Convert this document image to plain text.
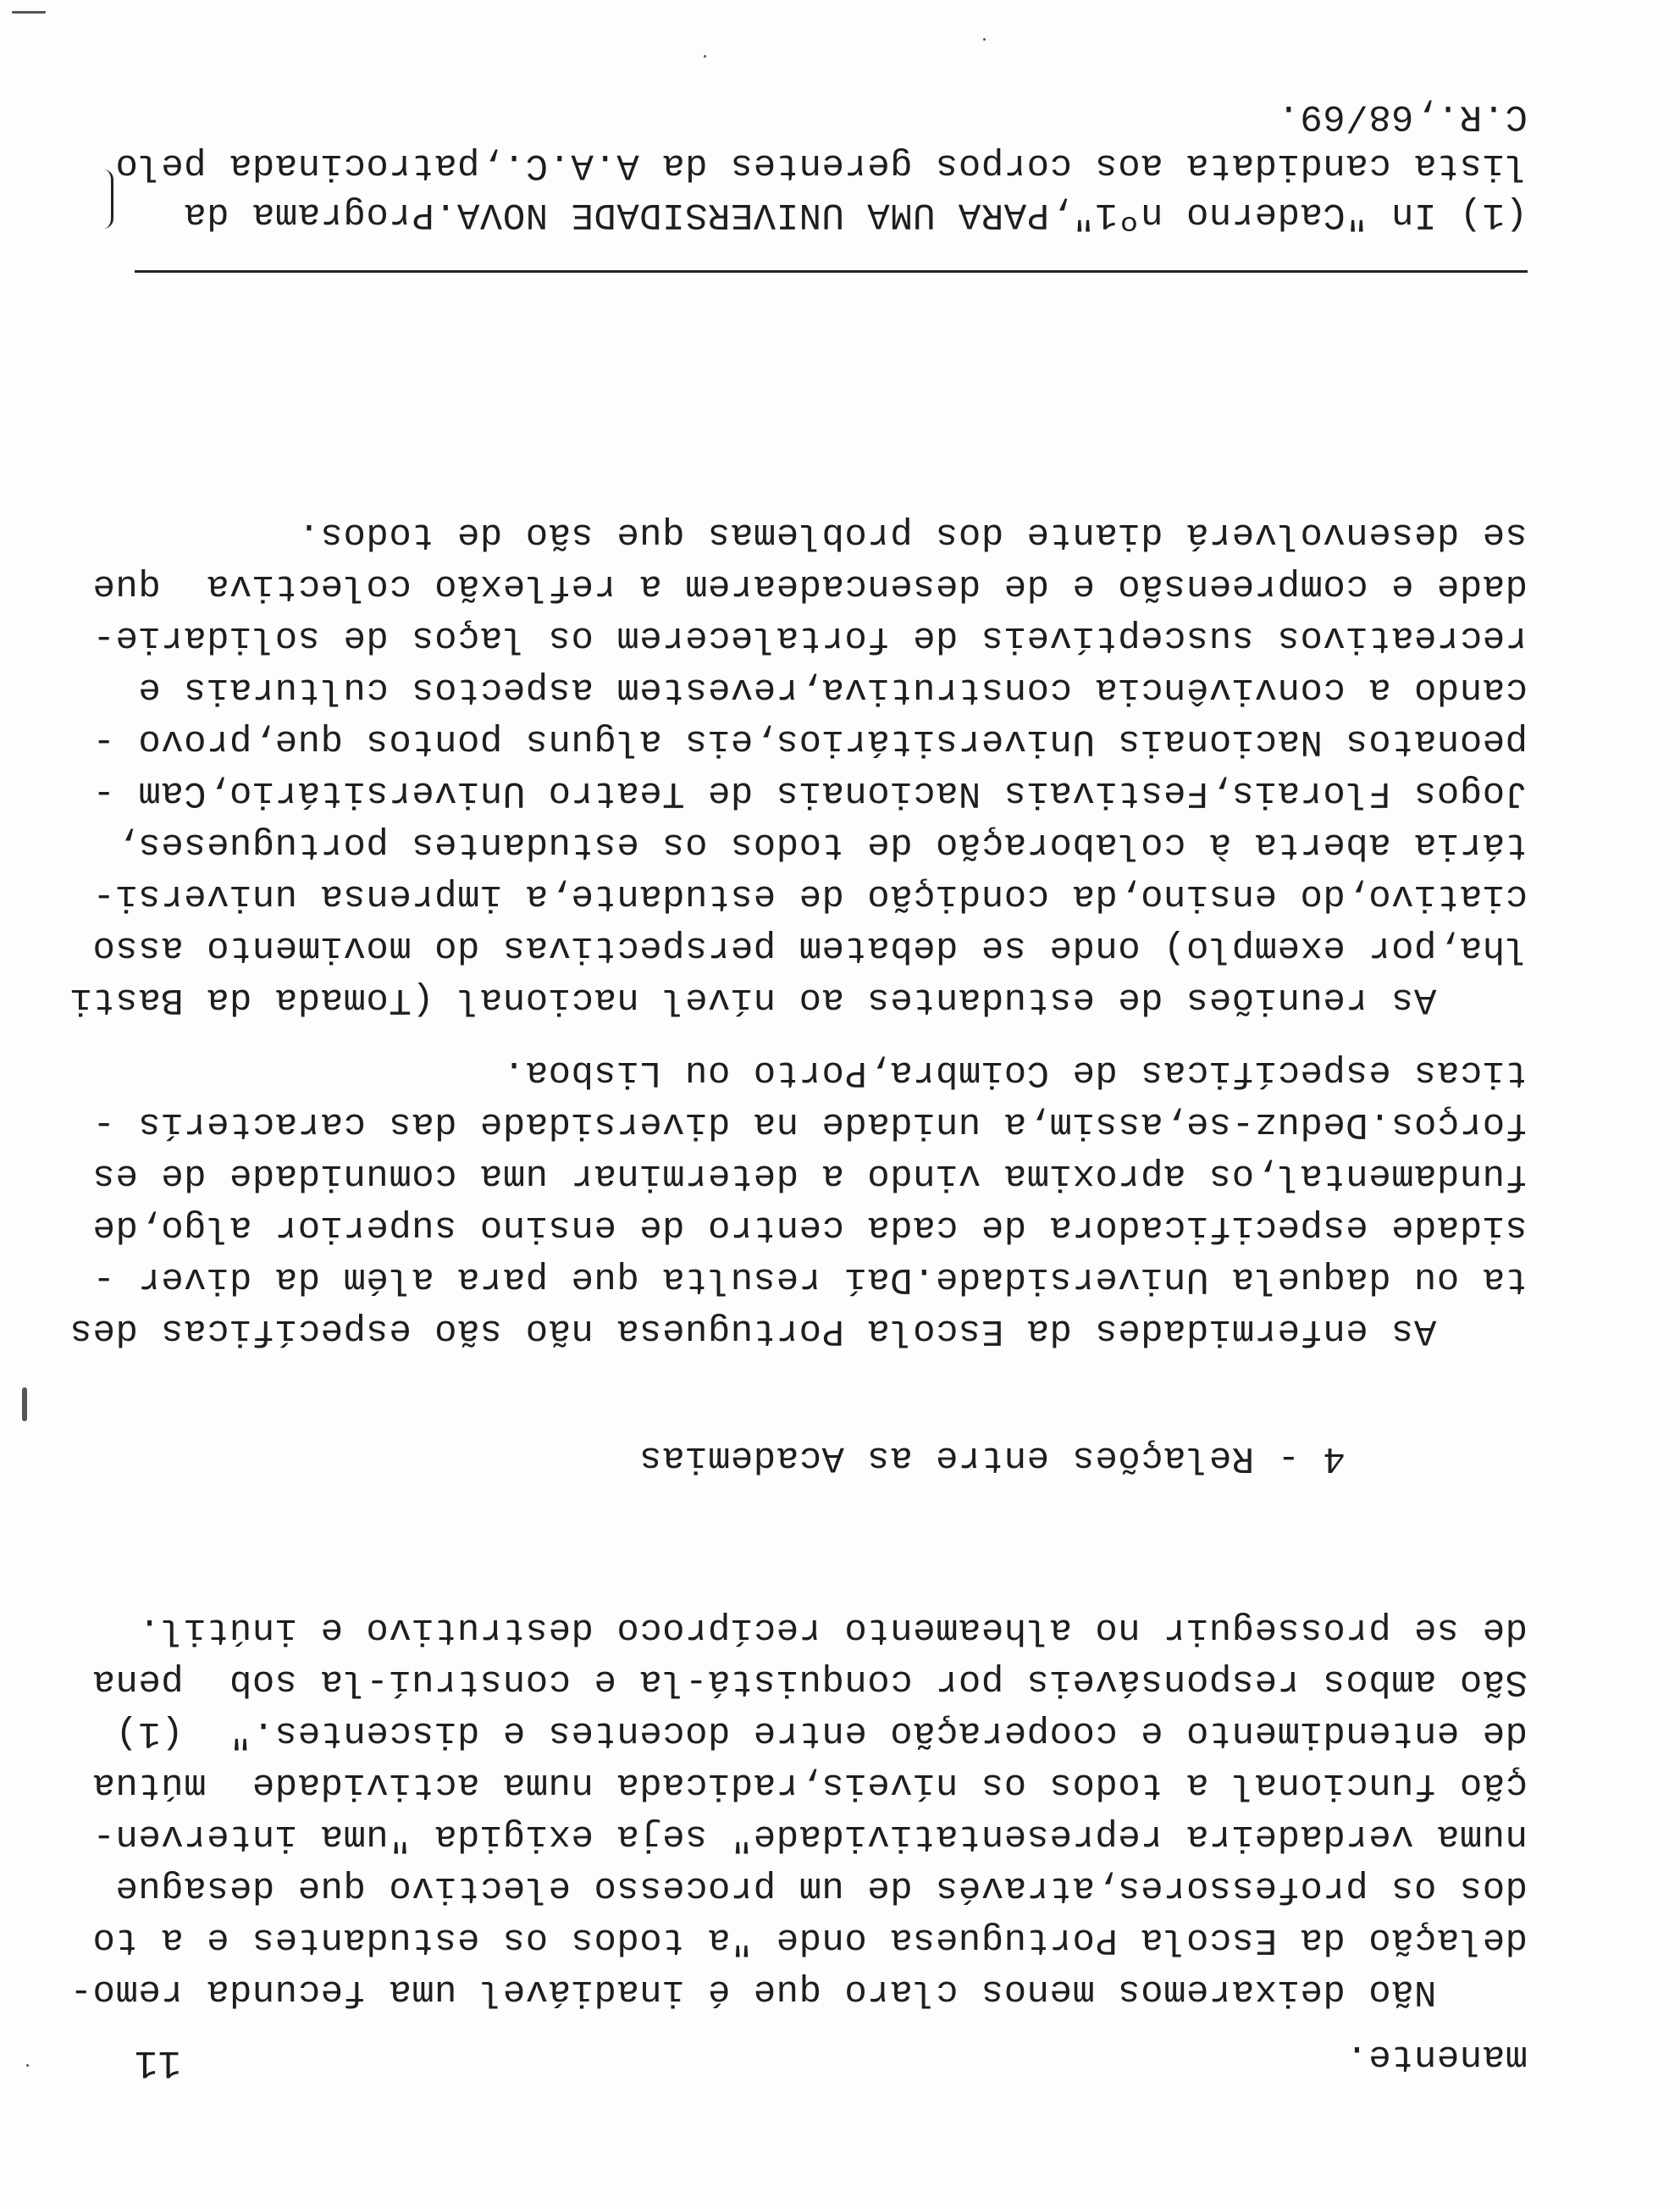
11	manente.
Não deixaremos menos claro que é inadiável uma fecunda remo-
delação da Escola Portuguesa onde "a todos os estudantes e a to
dos os professores,através de um processo electivo que desague
numa verdadeira representatividade" seja exigida "uma interven-
ção funcional a todos os níveis,radicada numa actividade  mútua
de entendimento e cooperação entre docentes e discentes."  (1)
São ambos responsáveis por conquistá-la e construí-la sob  pena
de se prosseguir no alheamento recíproco destrutivo e inútil.
4 - Relações entre as Academias
As enfermidades da Escola Portuguesa não são específicas des
ta ou daquela Universidade.Daí resulta que para além da diver -
sidade especificadora de cada centro de ensino superior algo,de
fundamental,os aproxima vindo a determinar uma comunidade de es
forços.Deduz-se,assim,a unidade na diversidade das caracterís -
ticas específicas de Coimbra,Porto ou Lisboa.
As reuniões de estudantes ao nível nacional (Tomada da Basti
lha,por exemplo) onde se debatem perspectivas do movimento asso
ciativo,do ensino,da condição de estudante,a imprensa universi-
tária aberta à colaboração de todos os estudantes portugueses,
Jogos Florais,Festivais Nacionais de Teatro Universitário,Cam -
peonatos Nacionais Universitários,eis alguns pontos que,provo -
cando a convivência construtiva,revestem aspectos culturais e
recreativos susceptíveis de fortalecerem os laços de solidarie-
dade e compreensão e de desencadearem a reflexão colectiva  que
se desenvolverá diante dos problemas que são de todos.
(1) In "Caderno nº1",PARA UMA UNIVERSIDADE NOVA.Programa da
lista candidata aos corpos gerentes da A.A.C.,patrocinada pelo
C.R.,68/69.
